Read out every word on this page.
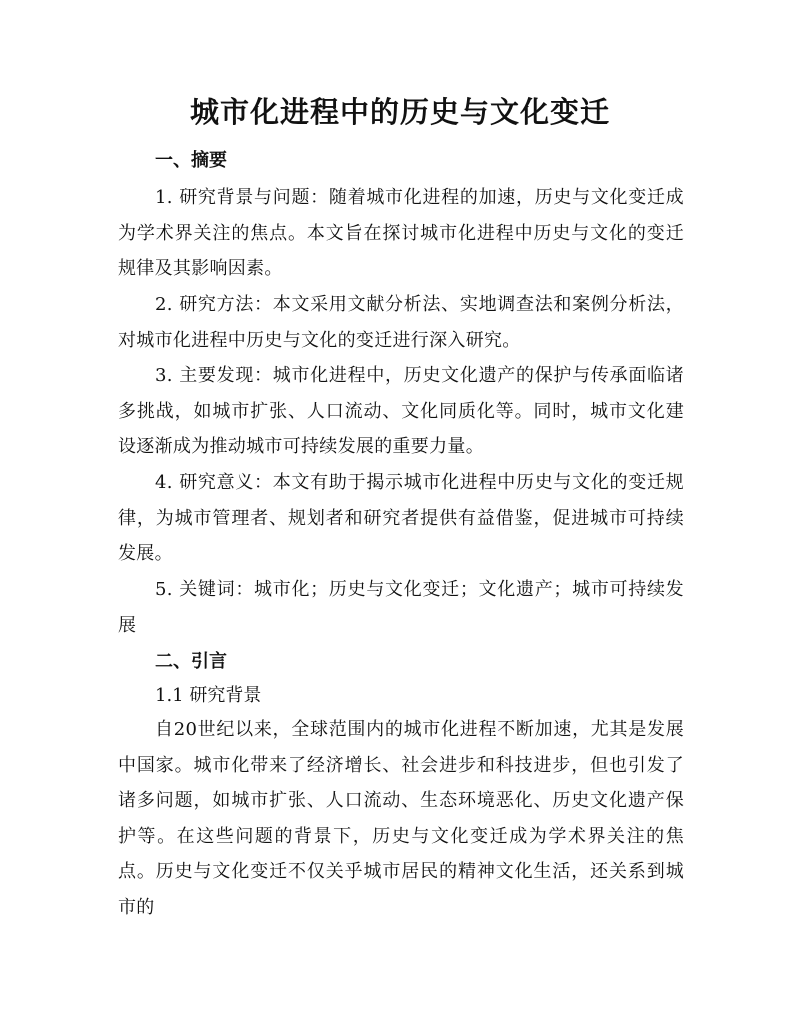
城市化进程中的历史与文化变迁
一、摘要
1. 研究背景与问题：随着城市化进程的加速，历史与文化变迁成为学术界关注的焦点。本文旨在探讨城市化进程中历史与文化的变迁规律及其影响因素。
2. 研究方法：本文采用文献分析法、实地调查法和案例分析法，对城市化进程中历史与文化的变迁进行深入研究。
3. 主要发现：城市化进程中，历史文化遗产的保护与传承面临诸多挑战，如城市扩张、人口流动、文化同质化等。同时，城市文化建设逐渐成为推动城市可持续发展的重要力量。
4. 研究意义：本文有助于揭示城市化进程中历史与文化的变迁规律，为城市管理者、规划者和研究者提供有益借鉴，促进城市可持续发展。
5. 关键词：城市化；历史与文化变迁；文化遗产；城市可持续发展
二、引言
1.1 研究背景
自20世纪以来，全球范围内的城市化进程不断加速，尤其是发展中国家。城市化带来了经济增长、社会进步和科技进步，但也引发了诸多问题，如城市扩张、人口流动、生态环境恶化、历史文化遗产保护等。在这些问题的背景下，历史与文化变迁成为学术界关注的焦点。历史与文化变迁不仅关乎城市居民的精神文化生活，还关系到城市的
